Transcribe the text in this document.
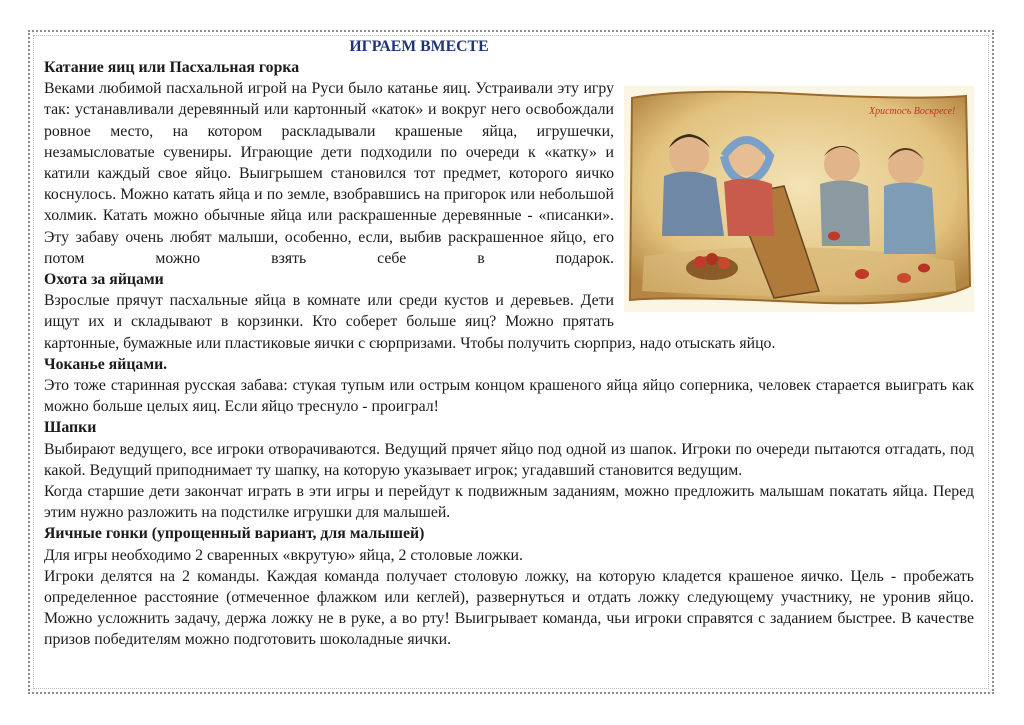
ИГРАЕМ ВМЕСТЕ

Катание яиц или Пасхальная горка

Христосъ Воскресе!

Веками любимой пасхальной игрой на Руси было катанье яиц. Устраивали эту игру так: устанавливали деревянный или картонный «каток» и вокруг него освобождали ровное место, на котором раскладывали крашеные яйца, игрушечки, незамысловатые сувениры. Играющие дети подходили по очереди к «катку» и катили каждый свое яйцо. Выигрышем становился тот предмет, которого яичко коснулось. Можно катать яйца и по земле, взобравшись на пригорок или небольшой холмик. Катать можно обычные яйца или раскрашенные деревянные - «писанки». Эту забаву очень любят малыши, особенно, если, выбив раскрашенное яйцо, его потом можно взять себе в подарок.

Охота за яйцами

Взрослые прячут пасхальные яйца в комнате или среди кустов и деревьев. Дети ищут их и складывают в корзинки. Кто соберет больше яиц? Можно прятать картонные, бумажные или пластиковые яички с сюрпризами. Чтобы получить сюрприз, надо отыскать яйцо.

Чоканье яйцами.

Это тоже старинная русская забава: стукая тупым или острым концом крашеного яйца яйцо соперника, человек старается выиграть как можно больше целых яиц. Если яйцо треснуло - проиграл!

Шапки

Выбирают ведущего, все игроки отворачиваются. Ведущий прячет яйцо под одной из шапок. Игроки по очереди пытаются отгадать, под какой. Ведущий приподнимает ту шапку, на которую указывает игрок; угадавший становится ведущим.

Когда старшие дети закончат играть в эти игры и перейдут к подвижным заданиям, можно предложить малышам покатать яйца. Перед этим нужно разложить на подстилке игрушки для малышей.

Яичные гонки (упрощенный вариант, для малышей)

Для игры необходимо 2 сваренных «вкрутую» яйца, 2 столовые ложки.

Игроки делятся на 2 команды. Каждая команда получает столовую ложку, на которую кладется крашеное яичко. Цель - пробежать определенное расстояние (отмеченное флажком или кеглей), развернуться и отдать ложку следующему участнику, не уронив яйцо. Можно усложнить задачу, держа ложку не в руке, а во рту! Выигрывает команда, чьи игроки справятся с заданием быстрее. В качестве призов победителям можно подготовить шоколадные яички.
